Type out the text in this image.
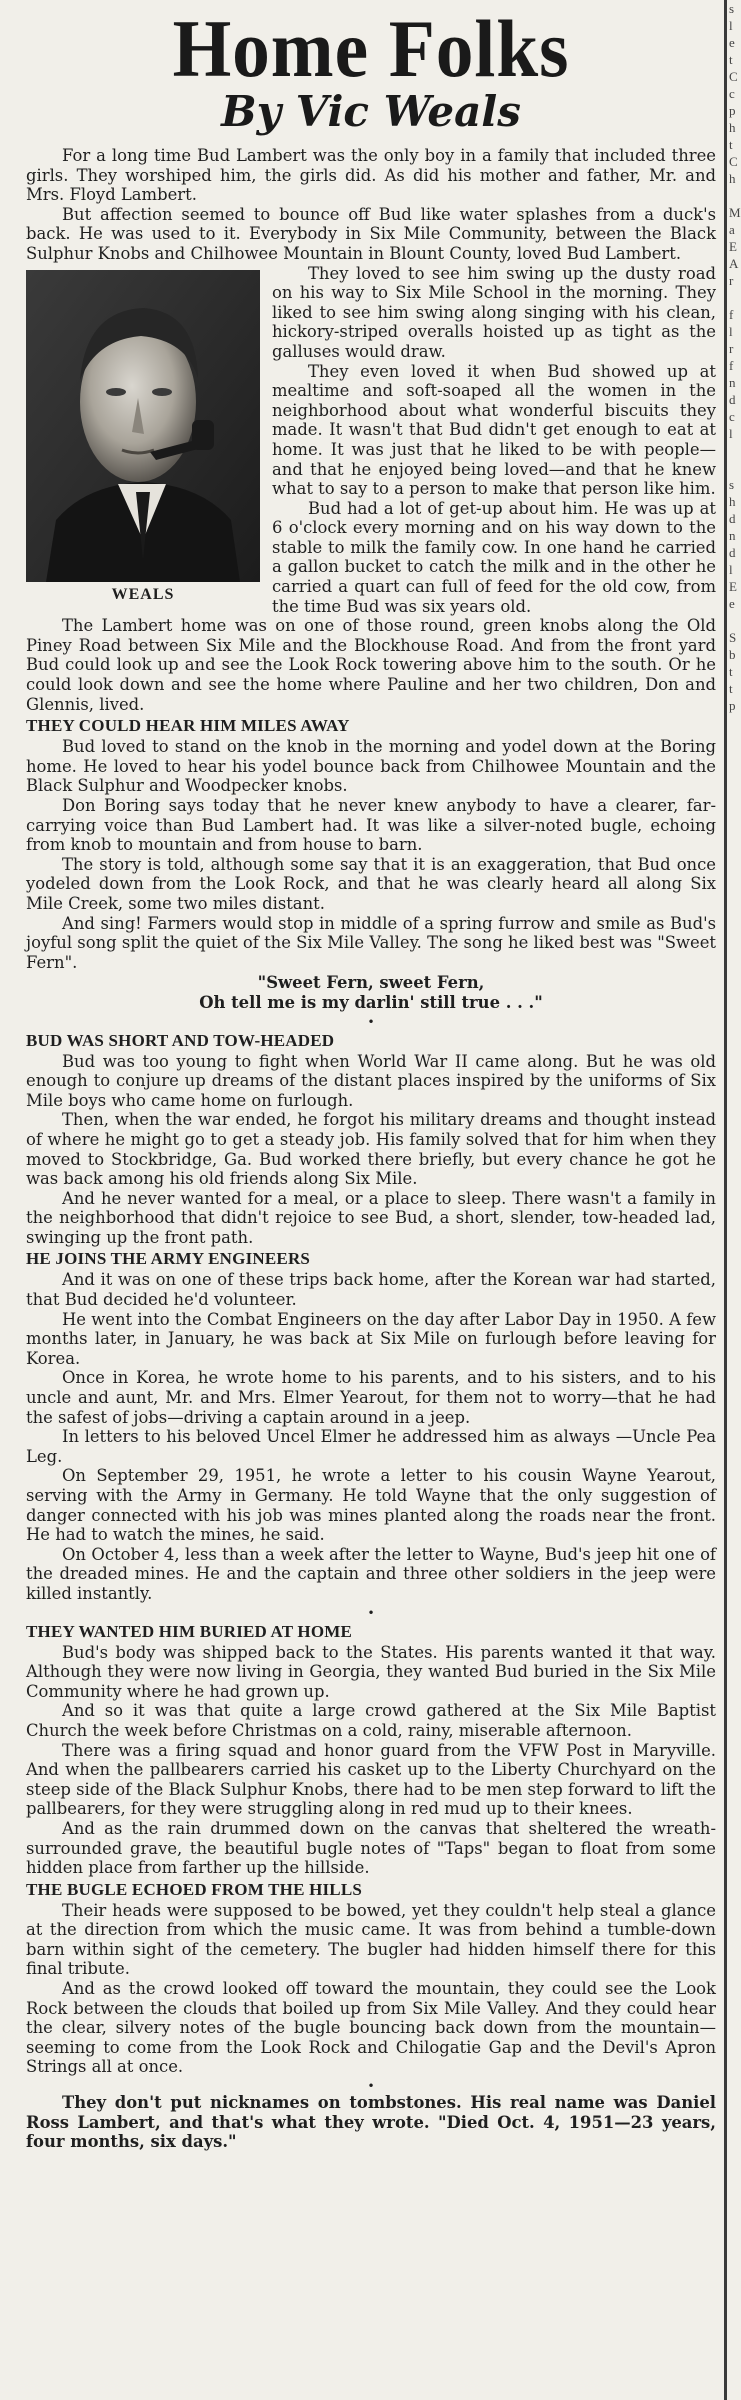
Home Folks
By Vic Weals

For a long time Bud Lambert was the only boy in a family that included three girls. They worshiped him, the girls did. As did his mother and father, Mr. and Mrs. Floyd Lambert.

But affection seemed to bounce off Bud like water splashes from a duck's back. He was used to it. Everybody in Six Mile Community, between the Black Sulphur Knobs and Chilhowee Mountain in Blount County, loved Bud Lambert.

WEALS

They loved to see him swing up the dusty road on his way to Six Mile School in the morning. They liked to see him swing along singing with his clean, hickory-striped overalls hoisted up as tight as the galluses would draw.

They even loved it when Bud showed up at mealtime and soft-soaped all the women in the neighborhood about what wonderful biscuits they made. It wasn't that Bud didn't get enough to eat at home. It was just that he liked to be with people—and that he enjoyed being loved—and that he knew what to say to a person to make that person like him.

Bud had a lot of get-up about him. He was up at 6 o'clock every morning and on his way down to the stable to milk the family cow. In one hand he carried a gallon bucket to catch the milk and in the other he carried a quart can full of feed for the old cow, from the time Bud was six years old.

The Lambert home was on one of those round, green knobs along the Old Piney Road between Six Mile and the Blockhouse Road. And from the front yard Bud could look up and see the Look Rock towering above him to the south. Or he could look down and see the home where Pauline and her two children, Don and Glennis, lived.

THEY COULD HEAR HIM MILES AWAY

Bud loved to stand on the knob in the morning and yodel down at the Boring home. He loved to hear his yodel bounce back from Chilhowee Mountain and the Black Sulphur and Woodpecker knobs.

Don Boring says today that he never knew anybody to have a clearer, far-carrying voice than Bud Lambert had. It was like a silver-noted bugle, echoing from knob to mountain and from house to barn.

The story is told, although some say that it is an exaggeration, that Bud once yodeled down from the Look Rock, and that he was clearly heard all along Six Mile Creek, some two miles distant.

And sing! Farmers would stop in middle of a spring furrow and smile as Bud's joyful song split the quiet of the Six Mile Valley. The song he liked best was "Sweet Fern".

"Sweet Fern, sweet Fern,
Oh tell me is my darlin' still true . . ."
•
BUD WAS SHORT AND TOW-HEADED

Bud was too young to fight when World War II came along. But he was old enough to conjure up dreams of the distant places inspired by the uniforms of Six Mile boys who came home on furlough.

Then, when the war ended, he forgot his military dreams and thought instead of where he might go to get a steady job. His family solved that for him when they moved to Stockbridge, Ga. Bud worked there briefly, but every chance he got he was back among his old friends along Six Mile.

And he never wanted for a meal, or a place to sleep. There wasn't a family in the neighborhood that didn't rejoice to see Bud, a short, slender, tow-headed lad, swinging up the front path.

HE JOINS THE ARMY ENGINEERS

And it was on one of these trips back home, after the Korean war had started, that Bud decided he'd volunteer.

He went into the Combat Engineers on the day after Labor Day in 1950. A few months later, in January, he was back at Six Mile on furlough before leaving for Korea.

Once in Korea, he wrote home to his parents, and to his sisters, and to his uncle and aunt, Mr. and Mrs. Elmer Yearout, for them not to worry—that he had the safest of jobs—driving a captain around in a jeep.

In letters to his beloved Uncel Elmer he addressed him as always —Uncle Pea Leg.

On September 29, 1951, he wrote a letter to his cousin Wayne Yearout, serving with the Army in Germany. He told Wayne that the only suggestion of danger connected with his job was mines planted along the roads near the front. He had to watch the mines, he said.

On October 4, less than a week after the letter to Wayne, Bud's jeep hit one of the dreaded mines. He and the captain and three other soldiers in the jeep were killed instantly.

•
THEY WANTED HIM BURIED AT HOME

Bud's body was shipped back to the States. His parents wanted it that way. Although they were now living in Georgia, they wanted Bud buried in the Six Mile Community where he had grown up.

And so it was that quite a large crowd gathered at the Six Mile Baptist Church the week before Christmas on a cold, rainy, miserable afternoon.

There was a firing squad and honor guard from the VFW Post in Maryville. And when the pallbearers carried his casket up to the Liberty Churchyard on the steep side of the Black Sulphur Knobs, there had to be men step forward to lift the pallbearers, for they were struggling along in red mud up to their knees.

And as the rain drummed down on the canvas that sheltered the wreath-surrounded grave, the beautiful bugle notes of "Taps" began to float from some hidden place from farther up the hillside.

THE BUGLE ECHOED FROM THE HILLS

Their heads were supposed to be bowed, yet they couldn't help steal a glance at the direction from which the music came. It was from behind a tumble-down barn within sight of the cemetery. The bugler had hidden himself there for this final tribute.

And as the crowd looked off toward the mountain, they could see the Look Rock between the clouds that boiled up from Six Mile Valley. And they could hear the clear, silvery notes of the bugle bouncing back down from the mountain—seeming to come from the Look Rock and Chilogatie Gap and the Devil's Apron Strings all at once.

•

They don't put nicknames on tombstones. His real name was Daniel Ross Lambert, and that's what they wrote. "Died Oct. 4, 1951—23 years, four months, six days."

s
l
e
t
C
c
p
h
t
C
h

M
a
E
A
r

f
l
r
f
n
d
c
l

s
h
d
n
d
l
E
e

S
b
t
t
p
